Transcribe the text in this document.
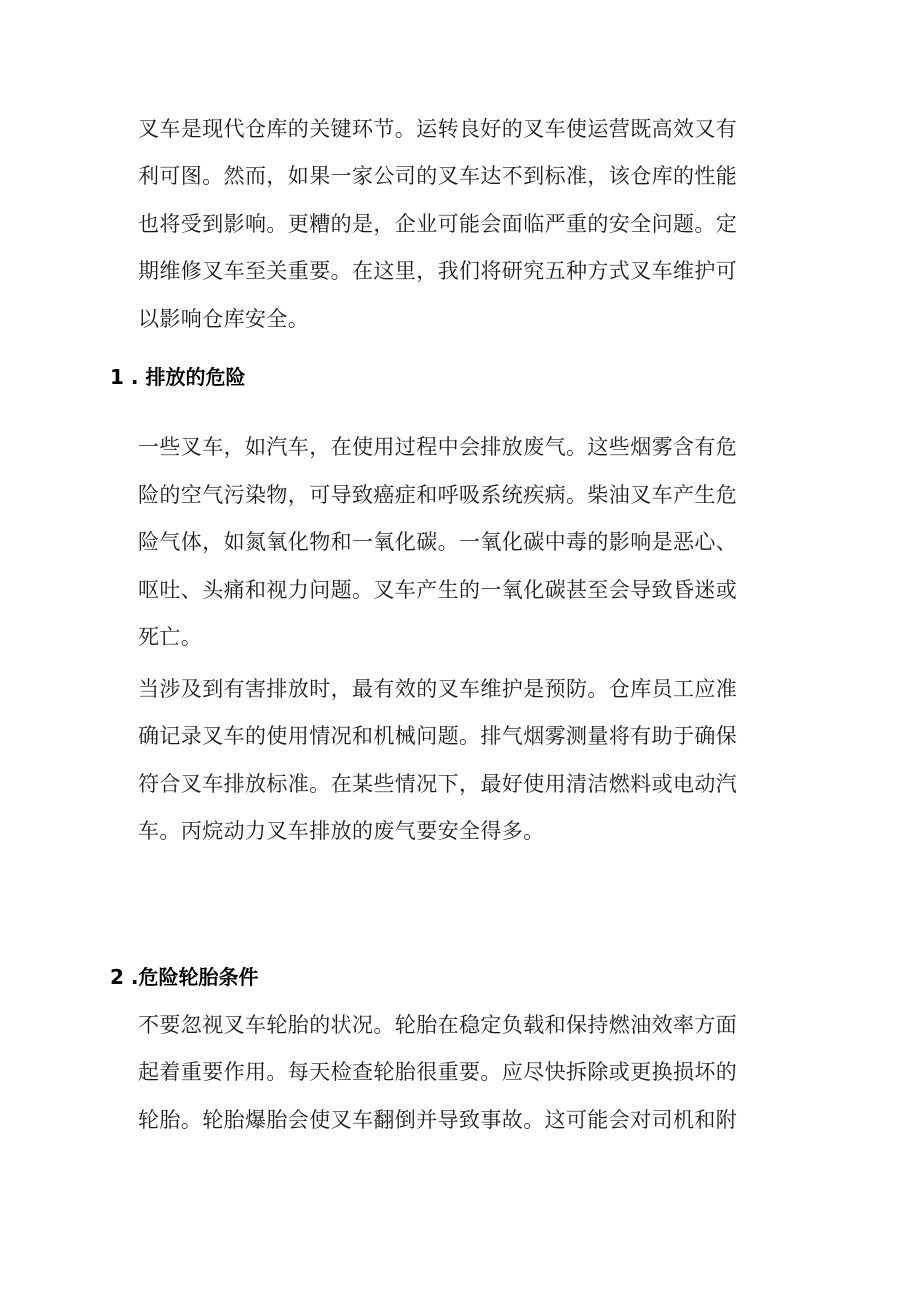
叉车是现代仓库的关键环节。运转良好的叉车使运营既高效又有
利可图。然而，如果一家公司的叉车达不到标准，该仓库的性能
也将受到影响。更糟的是，企业可能会面临严重的安全问题。定
期维修叉车至关重要。在这里，我们将研究五种方式叉车维护可
以影响仓库安全。
1 . 排放的危险
一些叉车，如汽车，在使用过程中会排放废气。这些烟雾含有危
险的空气污染物，可导致癌症和呼吸系统疾病。柴油叉车产生危
险气体，如氮氧化物和一氧化碳。一氧化碳中毒的影响是恶心、
呕吐、头痛和视力问题。叉车产生的一氧化碳甚至会导致昏迷或
死亡。
当涉及到有害排放时，最有效的叉车维护是预防。仓库员工应准
确记录叉车的使用情况和机械问题。排气烟雾测量将有助于确保
符合叉车排放标准。在某些情况下，最好使用清洁燃料或电动汽
车。丙烷动力叉车排放的废气要安全得多。
2 .危险轮胎条件
不要忽视叉车轮胎的状况。轮胎在稳定负载和保持燃油效率方面
起着重要作用。每天检查轮胎很重要。应尽快拆除或更换损坏的
轮胎。轮胎爆胎会使叉车翻倒并导致事故。这可能会对司机和附
